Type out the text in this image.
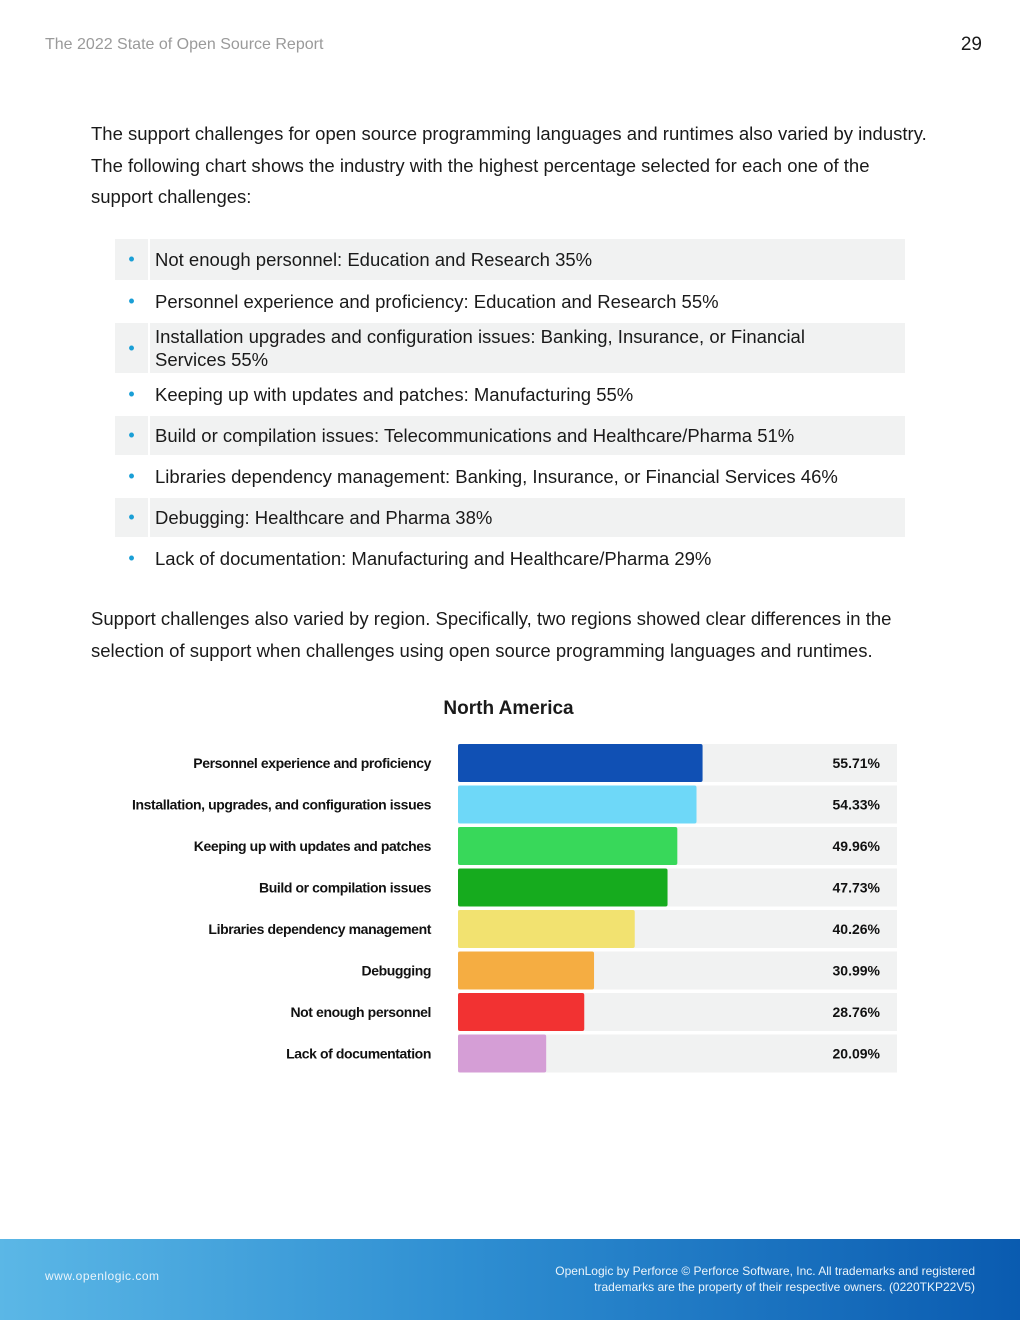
The 2022 State of Open Source Report	29

The support challenges for open source programming languages and runtimes also varied by industry. The following chart shows the industry with the highest percentage selected for each one of the support challenges:

•	Not enough personnel: Education and Research 35%
•	Personnel experience and proficiency: Education and Research 55%
•
Installation upgrades and configuration issues: Banking, Insurance, or Financial Services 55%
•	Keeping up with updates and patches: Manufacturing 55%
•	Build or compilation issues: Telecommunications and Healthcare/Pharma 51%
•	Libraries dependency management: Banking, Insurance, or Financial Services 46%
•	Debugging: Healthcare and Pharma 38%
•	Lack of documentation: Manufacturing and Healthcare/Pharma 29%

Support challenges also varied by region. Specifically, two regions showed clear differences in the selection of support when challenges using open source programming languages and runtimes.

North America
Personnel experience and proficiency	55.71%
Installation, upgrades, and configuration issues	54.33%
Keeping up with updates and patches	49.96%
Build or compilation issues	47.73%
Libraries dependency management	40.26%
Debugging	30.99%
Not enough personnel	28.76%
Lack of documentation	20.09%
www.openlogic.com	OpenLogic by Perforce © Perforce Software, Inc. All trademarks and registered
trademarks are the property of their respective owners. (0220TKP22V5)
